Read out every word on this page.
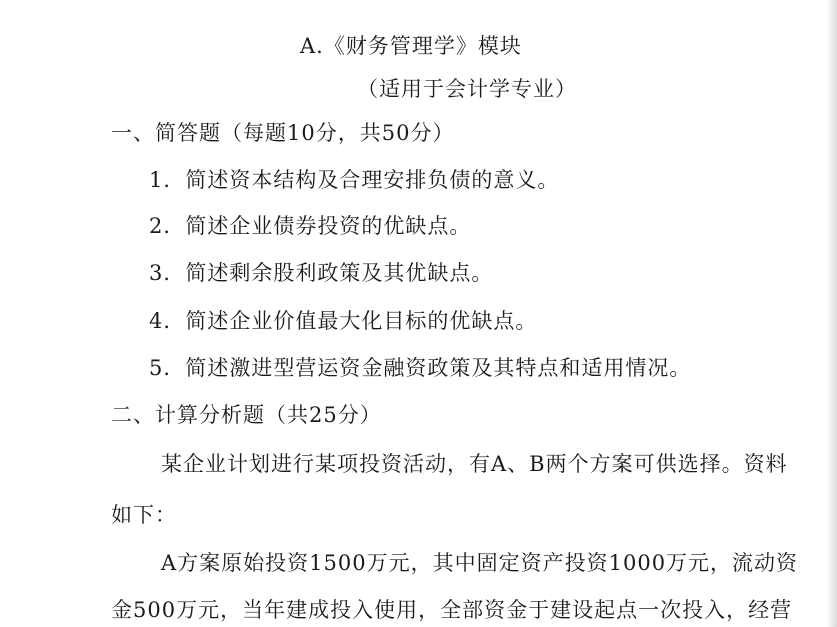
A.《财务管理学》模块
（适用于会计学专业）
一、简答题（每题10分，共50分）
1．简述资本结构及合理安排负债的意义。
2．简述企业债券投资的优缺点。
3．简述剩余股利政策及其优缺点。
4．简述企业价值最大化目标的优缺点。
5．简述激进型营运资金融资政策及其特点和适用情况。
二、计算分析题（共25分）
某企业计划进行某项投资活动，有A、B两个方案可供选择。资料
如下：
A方案原始投资1500万元，其中固定资产投资1000万元，流动资
金500万元，当年建成投入使用，全部资金于建设起点一次投入，经营
